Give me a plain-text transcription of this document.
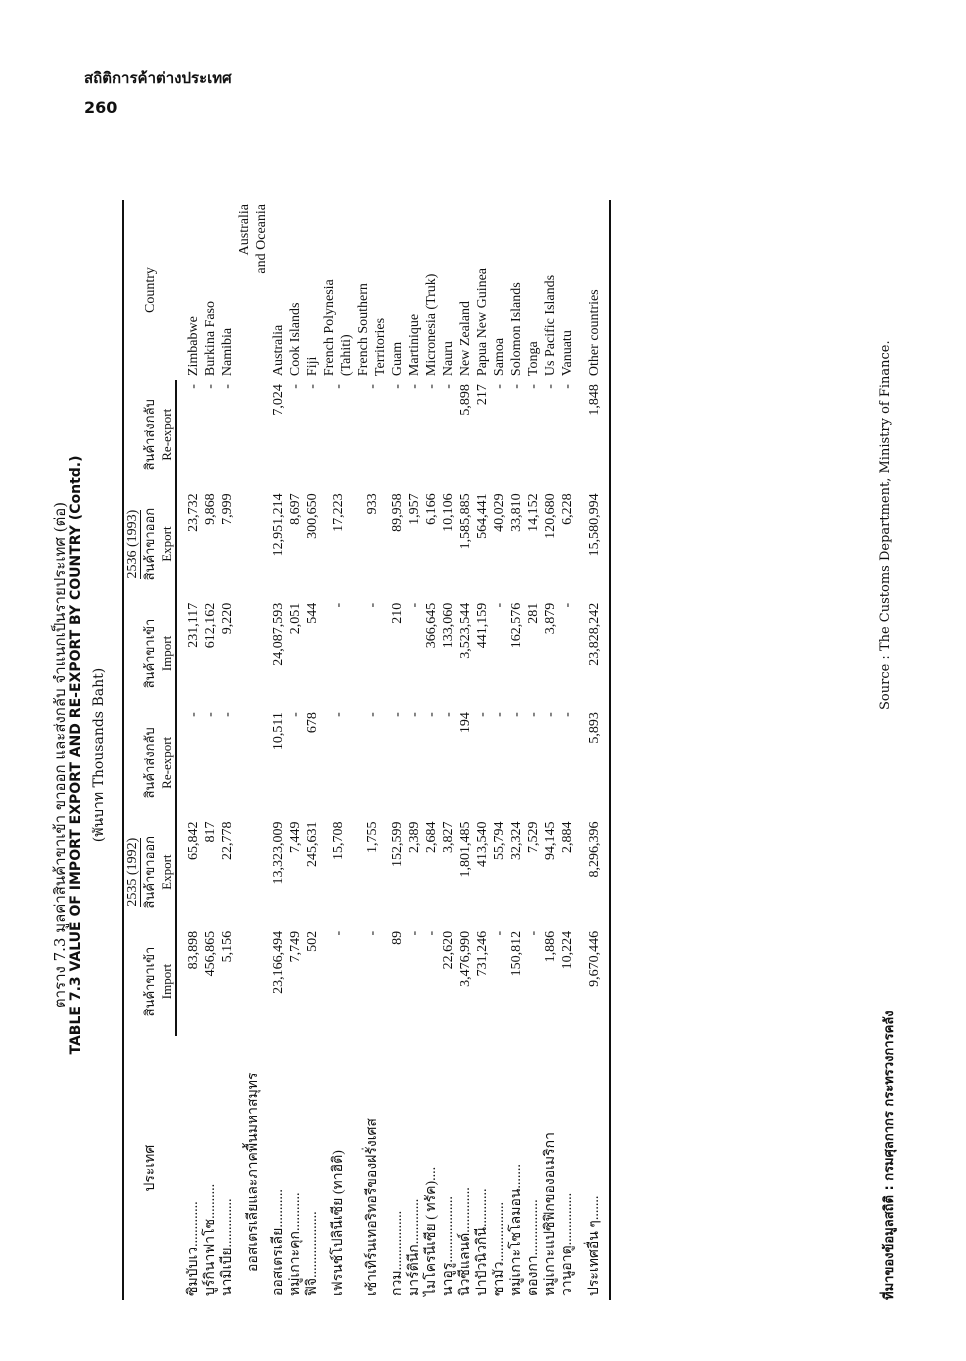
สถิติการค้าต่างประเทศ
260
ตาราง 7.3 มูลค่าสินค้าขาเข้า ขาออก และส่งกลับ จำแนกเป็นรายประเทศ (ต่อ) TABLE 7.3 VALUE OF IMPORT EXPORT AND RE-EXPORT BY COUNTRY (Contd.) (พันบาท Thousands Baht)
ประเทศ	2535 (1992)			2536 (1993)			Country

	สินค้าขาเข้า Import	สินค้าขาออก Export	สินค้าส่งกลับ Re-export	สินค้าขาเข้า Import	สินค้าขาออก Export	สินค้าส่งกลับ Re-export	

ซิมบับเว.............	83,898	65,842	-	231,117	23,732	-	Zimbabwe

บูร์กินาฟาโซ..........	456,865	817	-	612,162	9,868	-	Burkina Faso

นามิเบีย..............	5,156	22,778	-	9,220	7,999	-	Namibia

ออสเตรเลียและภาคพื้นมหาสมุทร							Australia and Oceania

ออสเตรเลีย...........	23,166,494	13,323,009	10,511	24,087,593	12,951,214	7,024	Australia

หมู่เกาะคุก...........	7,749	7,449	-	2,051	8,697	-	Cook Islands

ฟิจิ...................	502	245,631	678	544	300,650	-	Fiji

เฟรนช์โปลินีเซีย (ทาฮิติ)	-	15,708	-	-	17,223	-	French Polynesia (Tahiti)

เซ้าเทิร์นเทอริทอรีของฝรั่งเศส	-	1,755	-	-	933	-	French Southern Territories

กวม.................	89	152,599	-	210	89,958	-	Guam

มาร์ตินีก.............	-	2,389	-	-	1,957	-	Martinique

ไมโครนีเซีย ( ทรัค)....	-	2,684	-	366,645	6,166	-	Micronesia (Truk)

นาอูรู...................	22,620	3,827	-	133,060	10,106	-	Nauru

นิวซีแลนด์.............	3,476,990	1,801,485	194	3,523,544	1,585,885	5,898	New Zealand

ปาปัวนิวกินี...........	731,246	413,540	-	441,159	564,441	217	Papua New Guinea

ซามัว.................	-	55,794	-	-	40,029	-	Samoa

หมู่เกาะโซโลมอน.......	150,812	32,324	-	162,576	33,810	-	Solomon Islands

ตองกา................	-	7,529	-	281	14,152	-	Tonga

หมู่เกาะแปซิฟิกของอเมริกา	1,886	94,145	-	3,879	120,680	-	Us Pacific Islands

วานูอาตู...............	10,224	2,884	-	-	6,228	-	Vanuatu

ประเทศอื่น ๆ.......	9,670,446	8,296,396	5,893	23,828,242	15,580,994	1,848	Other countries
ที่มาของข้อมูลสถิติ : กรมศุลกากร กระทรวงการคลัง
Source : The Customs Department, Ministry of Finance.
